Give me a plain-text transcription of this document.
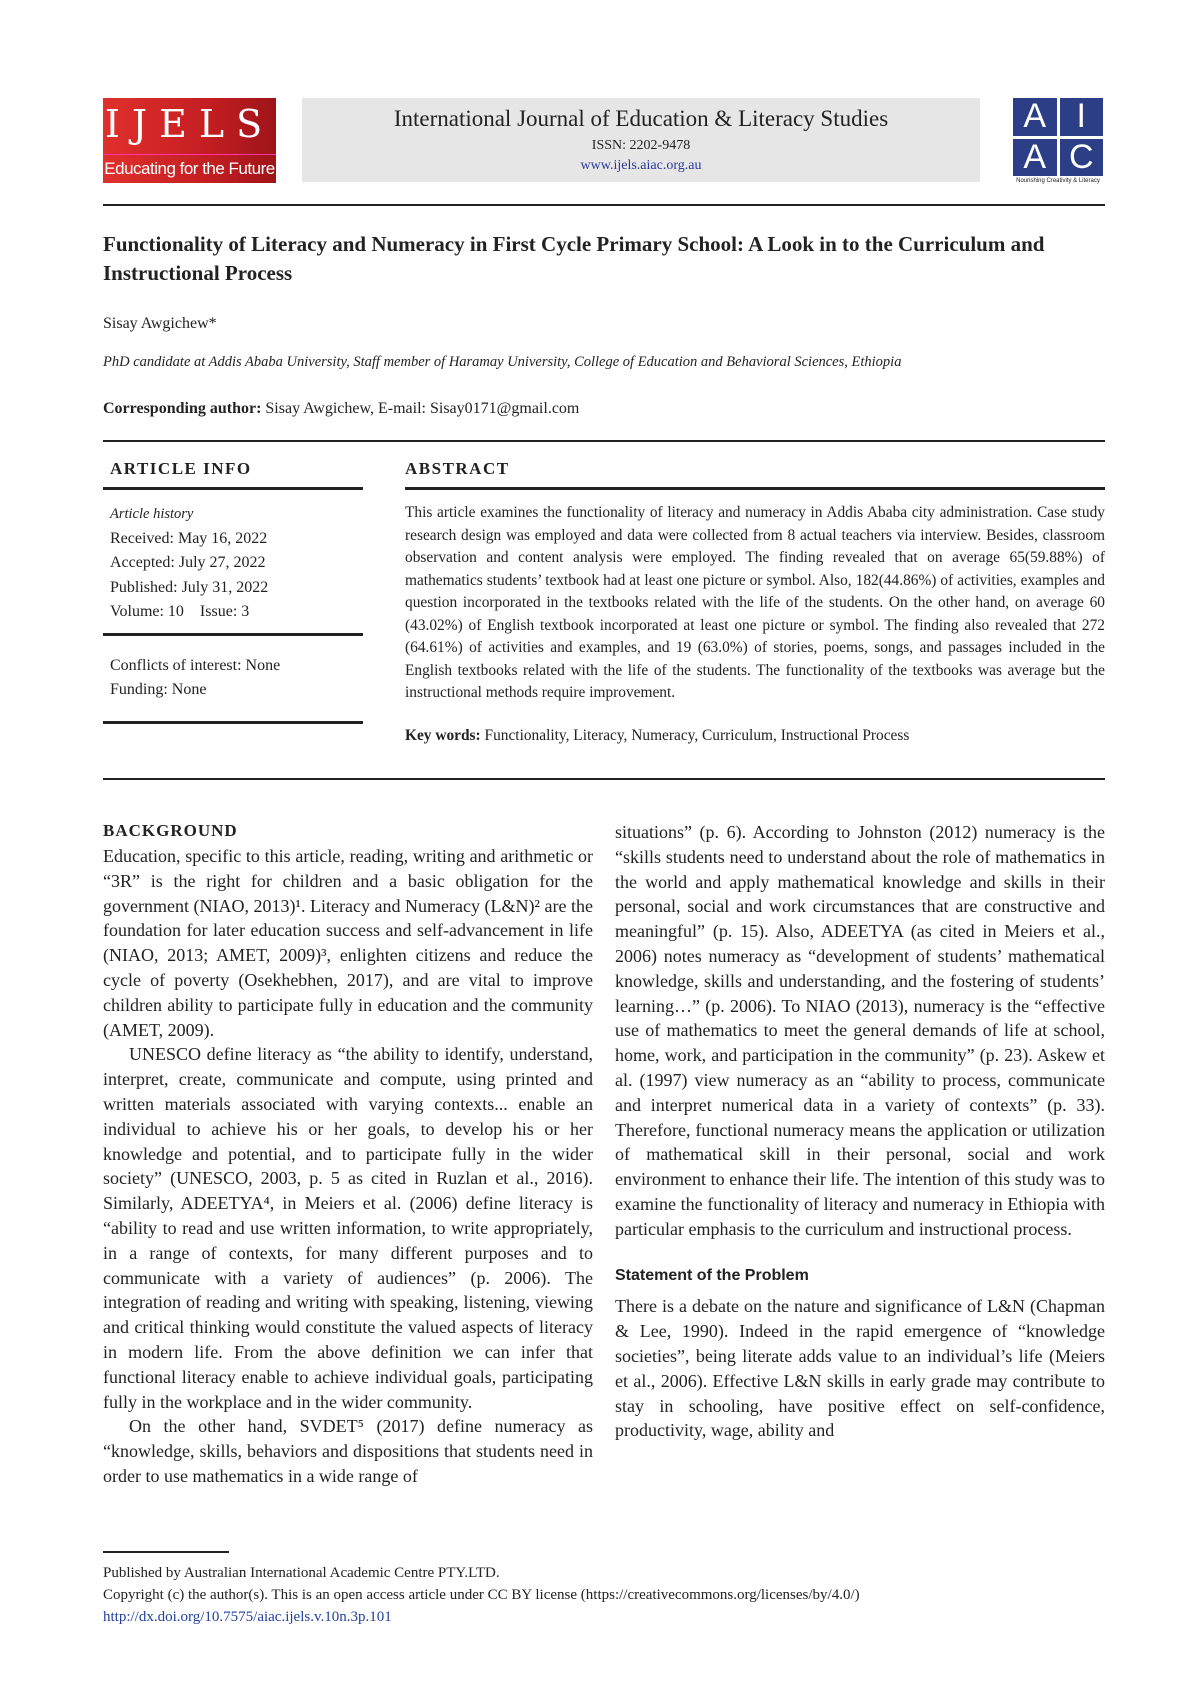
IJELS
Educating for the Future
International Journal of Education & Literacy Studies
ISSN: 2202-9478
www.ijels.aiac.org.au
A I
A C
Nourishing Creativity & Literacy
Functionality of Literacy and Numeracy in First Cycle Primary School: A Look in to the Curriculum and Instructional Process
Sisay Awgichew*
PhD candidate at Addis Ababa University, Staff member of Haramay University, College of Education and Behavioral Sciences, Ethiopia
Corresponding author: Sisay Awgichew, E-mail: Sisay0171@gmail.com
ARTICLE INFO

Article history

Received: May 16, 2022

Accepted: July 27, 2022

Published: July 31, 2022

Volume: 10    Issue: 3

Conflicts of interest: None

Funding: None

ABSTRACT
This article examines the functionality of literacy and numeracy in Addis Ababa city administration. Case study research design was employed and data were collected from 8 actual teachers via interview. Besides, classroom observation and content analysis were employed. The finding revealed that on average 65(59.88%) of mathematics students’ textbook had at least one picture or symbol. Also, 182(44.86%) of activities, examples and question incorporated in the textbooks related with the life of the students. On the other hand, on average 60 (43.02%) of English textbook incorporated at least one picture or symbol. The finding also revealed that 272 (64.61%) of activities and examples, and 19 (63.0%) of stories, poems, songs, and passages included in the English textbooks related with the life of the students. The functionality of the textbooks was average but the instructional methods require improvement.
Key words: Functionality, Literacy, Numeracy, Curriculum, Instructional Process
BACKGROUND

Education, specific to this article, reading, writing and arithmetic or “3R” is the right for children and a basic obligation for the government (NIAO, 2013)¹. Literacy and Numeracy (L&N)² are the foundation for later education success and self-advancement in life (NIAO, 2013; AMET, 2009)³, enlighten citizens and reduce the cycle of poverty (Osekhebhen, 2017), and are vital to improve children ability to participate fully in education and the community (AMET, 2009).

UNESCO define literacy as “the ability to identify, understand, interpret, create, communicate and compute, using printed and written materials associated with varying contexts... enable an individual to achieve his or her goals, to develop his or her knowledge and potential, and to participate fully in the wider society” (UNESCO, 2003, p. 5 as cited in Ruzlan et al., 2016). Similarly, ADEETYA⁴, in Meiers et al. (2006) define literacy is “ability to read and use written information, to write appropriately, in a range of contexts, for many different purposes and to communicate with a variety of audiences” (p. 2006). The integration of reading and writing with speaking, listening, viewing and critical thinking would constitute the valued aspects of literacy in modern life. From the above definition we can infer that functional literacy enable to achieve individual goals, participating fully in the workplace and in the wider community.

On the other hand, SVDET⁵ (2017) define numeracy as “knowledge, skills, behaviors and dispositions that students need in order to use mathematics in a wide range of

situations” (p. 6). According to Johnston (2012) numeracy is the “skills students need to understand about the role of mathematics in the world and apply mathematical knowledge and skills in their personal, social and work circumstances that are constructive and meaningful” (p. 15). Also, ADEETYA (as cited in Meiers et al., 2006) notes numeracy as “development of students’ mathematical knowledge, skills and understanding, and the fostering of students’ learning…” (p. 2006). To NIAO (2013), numeracy is the “effective use of mathematics to meet the general demands of life at school, home, work, and participation in the community” (p. 23). Askew et al. (1997) view numeracy as an “ability to process, communicate and interpret numerical data in a variety of contexts” (p. 33). Therefore, functional numeracy means the application or utilization of mathematical skill in their personal, social and work environment to enhance their life. The intention of this study was to examine the functionality of literacy and numeracy in Ethiopia with particular emphasis to the curriculum and instructional process.

Statement of the Problem

There is a debate on the nature and significance of L&N (Chapman & Lee, 1990). Indeed in the rapid emergence of “knowledge societies”, being literate adds value to an individual’s life (Meiers et al., 2006). Effective L&N skills in early grade may contribute to stay in schooling, have positive effect on self-confidence, productivity, wage, ability and

Published by Australian International Academic Centre PTY.LTD.
Copyright (c) the author(s). This is an open access article under CC BY license (https://creativecommons.org/licenses/by/4.0/)
http://dx.doi.org/10.7575/aiac.ijels.v.10n.3p.101
